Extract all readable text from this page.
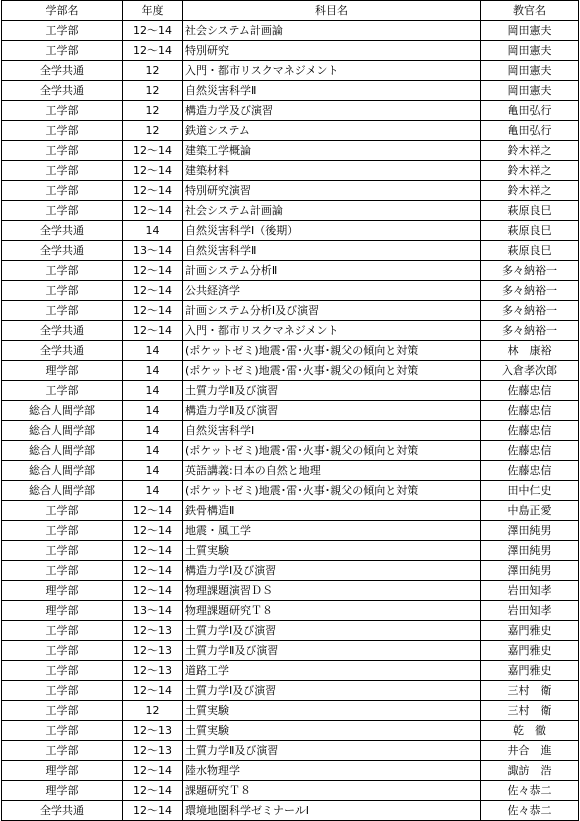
学部名	年度	科目名	教官名
工学部	12～14	社会システム計画論	岡田憲夫
工学部	12～14	特別研究	岡田憲夫
全学共通	12	入門・都市リスクマネジメント	岡田憲夫
全学共通	12	自然災害科学Ⅱ	岡田憲夫
工学部	12	構造力学及び演習	亀田弘行
工学部	12	鉄道システム	亀田弘行
工学部	12～14	建築工学概論	鈴木祥之
工学部	12～14	建築材料	鈴木祥之
工学部	12～14	特別研究演習	鈴木祥之
工学部	12～14	社会システム計画論	萩原良巳
全学共通	14	自然災害科学Ⅰ（後期）	萩原良巳
全学共通	13～14	自然災害科学Ⅱ	萩原良巳
工学部	12～14	計画システム分析Ⅱ	多々納裕一
工学部	12～14	公共経済学	多々納裕一
工学部	12～14	計画システム分析Ⅰ及び演習	多々納裕一
全学共通	12～14	入門・都市リスクマネジメント	多々納裕一
全学共通	14	(ポケットゼミ)地震･雷･火事･親父の傾向と対策	林　康裕
理学部	14	(ポケットゼミ)地震･雷･火事･親父の傾向と対策	入倉孝次郎
工学部	14	土質力学Ⅱ及び演習	佐藤忠信
総合人間学部	14	構造力学Ⅱ及び演習	佐藤忠信
総合人間学部	14	自然災害科学Ⅰ	佐藤忠信
総合人間学部	14	(ポケットゼミ)地震･雷･火事･親父の傾向と対策	佐藤忠信
総合人間学部	14	英語講義:日本の自然と地理	佐藤忠信
総合人間学部	14	(ポケットゼミ)地震･雷･火事･親父の傾向と対策	田中仁史
工学部	12～14	鉄骨構造Ⅱ	中島正愛
工学部	12～14	地震・風工学	澤田純男
工学部	12～14	土質実験	澤田純男
工学部	12～14	構造力学Ⅰ及び演習	澤田純男
理学部	12～14	物理課題演習ＤＳ	岩田知孝
理学部	13～14	物理課題研究Ｔ８	岩田知孝
工学部	12～13	土質力学Ⅰ及び演習	嘉門雅史
工学部	12～13	土質力学Ⅱ及び演習	嘉門雅史
工学部	12～13	道路工学	嘉門雅史
工学部	12～14	土質力学Ⅰ及び演習	三村　衛
工学部	12	土質実験	三村　衛
工学部	12～13	土質実験	乾　徹
工学部	12～13	土質力学Ⅱ及び演習	井合　進
理学部	12～14	陸水物理学	諏訪　浩
理学部	12～14	課題研究Ｔ８	佐々恭二
全学共通	12～14	環境地圏科学ゼミナールⅠ	佐々恭二
